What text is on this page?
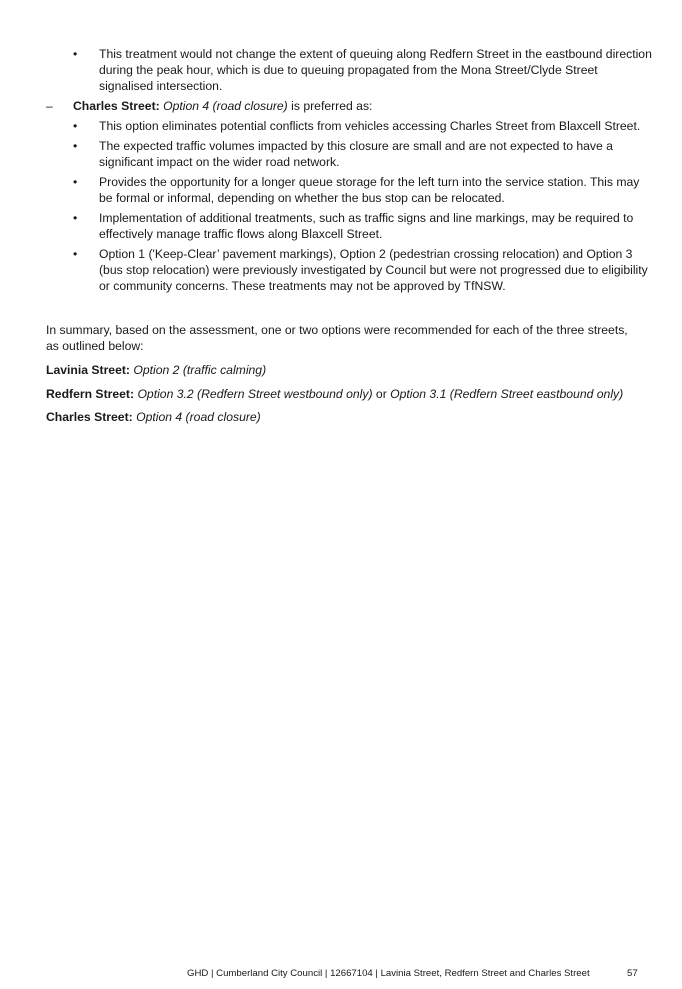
•	This treatment would not change the extent of queuing along Redfern Street in the eastbound direction during the peak hour, which is due to queuing propagated from the Mona Street/Clyde Street signalised intersection.
– Charles Street: Option 4 (road closure) is preferred as:
•	This option eliminates potential conflicts from vehicles accessing Charles Street from Blaxcell Street.
•	The expected traffic volumes impacted by this closure are small and are not expected to have a significant impact on the wider road network.
•	Provides the opportunity for a longer queue storage for the left turn into the service station. This may be formal or informal, depending on whether the bus stop can be relocated.
•	Implementation of additional treatments, such as traffic signs and line markings, may be required to effectively manage traffic flows along Blaxcell Street.
•	Option 1 ('Keep-Clear’ pavement markings), Option 2 (pedestrian crossing relocation) and Option 3 (bus stop relocation) were previously investigated by Council but were not progressed due to eligibility or community concerns. These treatments may not be approved by TfNSW.
In summary, based on the assessment, one or two options were recommended for each of the three streets, as outlined below:
Lavinia Street: Option 2 (traffic calming)
Redfern Street: Option 3.2 (Redfern Street westbound only) or Option 3.1 (Redfern Street eastbound only)
Charles Street: Option 4 (road closure)
GHD | Cumberland City Council | 12667104 | Lavinia Street, Redfern Street and Charles Street	57
